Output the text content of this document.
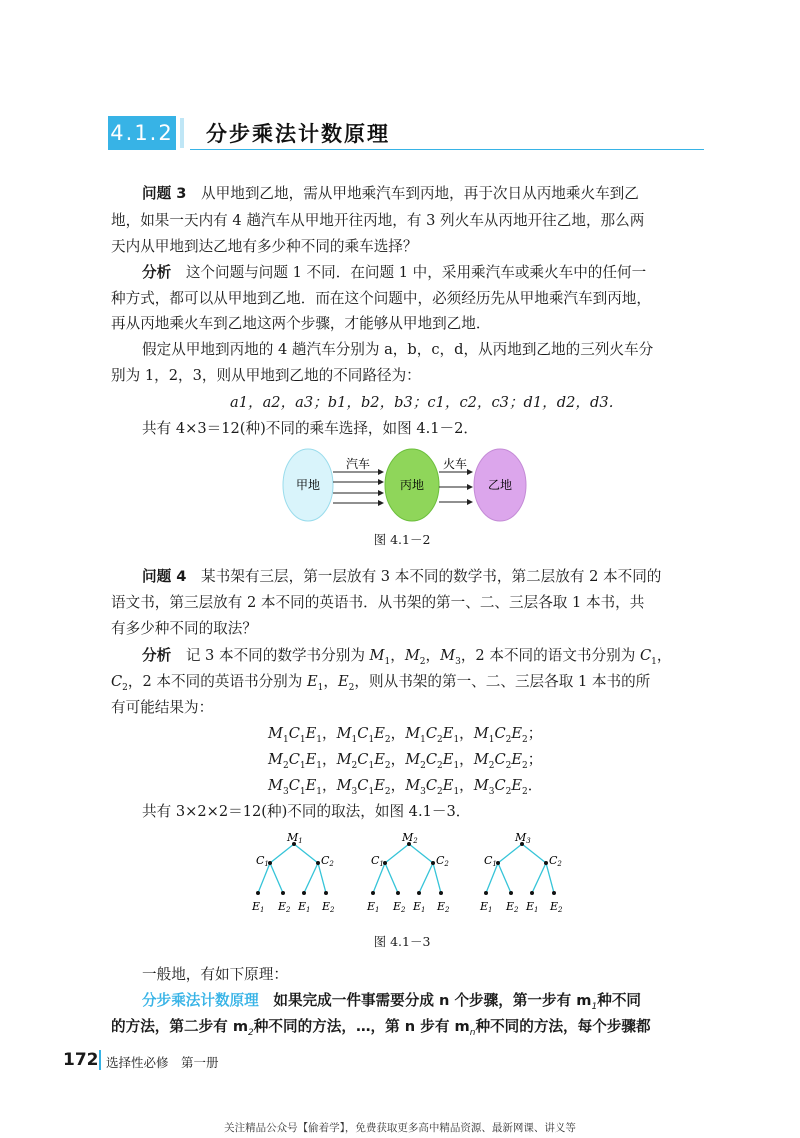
4.1.2 分步乘法计数原理
问题 3　 从甲地到乙地，需从甲地乘汽车到丙地，再于次日从丙地乘火车到乙
地，如果一天内有 4 趟汽车从甲地开往丙地，有 3 列火车从丙地开往乙地，那么两
天内从甲地到达乙地有多少种不同的乘车选择？
分析　 这个问题与问题 1 不同．在问题 1 中，采用乘汽车或乘火车中的任何一
种方式，都可以从甲地到乙地．而在这个问题中，必须经历先从甲地乘汽车到丙地，
再从丙地乘火车到乙地这两个步骤，才能够从甲地到乙地．
假定从甲地到丙地的 4 趟汽车分别为 a，b，c，d，从丙地到乙地的三列火车分
别为 1，2，3，则从甲地到乙地的不同路径为：
a1，a2，a3；b1，b2，b3；c1，c2，c3；d1，d2，d3．
共有 4×3＝12(种)不同的乘车选择，如图 4.1－2．
甲地	丙地	乙地
汽车	火车
图 4.1－2
问题 4　 某书架有三层，第一层放有 3 本不同的数学书，第二层放有 2 本不同的
语文书，第三层放有 2 本不同的英语书．从书架的第一、二、三层各取 1 本书，共
有多少种不同的取法？
分析　 记 3 本不同的数学书分别为 $M_1$，$M_2$，$M_3$，2 本不同的语文书分别为 $C_1$，
$C_2$，2 本不同的英语书分别为 $E_1$，$E_2$，则从书架的第一、二、三层各取 1 本书的所
有可能结果为：
$M_1C_1E_1$，$M_1C_1E_2$，$M_1C_2E_1$，$M_1C_2E_2$；
$M_2C_1E_1$，$M_2C_1E_2$，$M_2C_2E_1$，$M_2C_2E_2$；
$M_3C_1E_1$，$M_3C_1E_2$，$M_3C_2E_1$，$M_3C_2E_2$．
共有 3×2×2＝12(种)不同的取法，如图 4.1－3．
M1
C1	C2
E1 E2 E1 E2
M2
C1	C2
E1 E2 E1 E2
M3
C1	C2
E1 E2 E1 E2
图 4.1－3
一般地，有如下原理：
分步乘法计数原理　 如果完成一件事需要分成 n 个步骤，第一步有 $m_1$种不同
的方法，第二步有 $m_2$种不同的方法，…，第 n 步有 $m_n$种不同的方法，每个步骤都
172 选择性必修　第一册
关注精品公众号【偷着学】，免费获取更多高中精品资源、最新网课、讲义等
